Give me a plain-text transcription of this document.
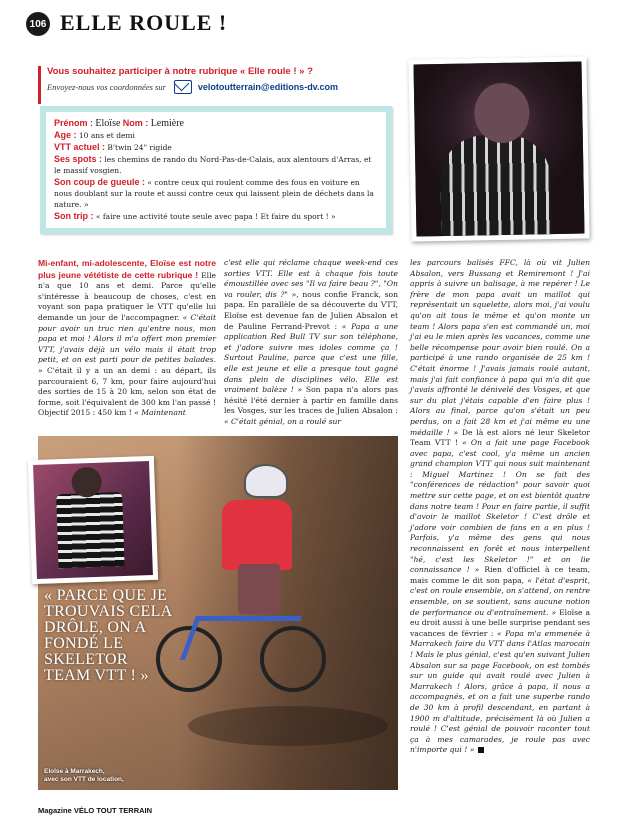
106 ELLE ROULE !
Vous souhaitez participer à notre rubrique « Elle roule ! » ?
Envoyez-nous vos coordonnées sur	velotoutterrain@editions-dv.com
Prénom : Eloïse Nom : Lemière
Age : 10 ans et demi
VTT actuel : B'twin 24" rigide
Ses spots : les chemins de rando du Nord-Pas-de-Calais, aux alentours d'Arras, et le massif vosgien.
Son coup de gueule : « contre ceux qui roulent comme des fous en voiture en nous doublant sur la route et aussi contre ceux qui laissent plein de déchets dans la nature. »
Son trip : « faire une activité toute seule avec papa ! Et faire du sport ! »
Mi-enfant, mi-adolescente, Eloïse est notre plus jeune vététiste de cette rubrique ! Elle n'a que 10 ans et demi. Parce qu'elle s'intéresse à beaucoup de choses, c'est en voyant son papa pratiquer le VTT qu'elle lui demande un jour de l'accompagner. « C'était pour avoir un truc rien qu'entre nous, mon papa et moi ! Alors il m'a offert mon premier VTT, j'avais déjà un vélo mais il était trop petit, et on est parti pour de petites balades. » C'était il y a un an demi : au départ, ils parcouraient 6, 7 km, pour faire aujourd'hui des sorties de 15 à 20 km, selon son état de forme, soit l'équivalent de 300 km l'an passé ! Objectif 2015 : 450 km ! « Maintenant
c'est elle qui réclame chaque week-end ces sorties VTT. Elle est à chaque fois toute émoustillée avec ses "Il va faire beau ?", "On va rouler, dis ?" », nous confie Franck, son papa. En parallèle de sa découverte du VTT, Eloïse est devenue fan de Julien Absalon et de Pauline Ferrand-Prevot : « Papa a une application Red Bull TV sur son téléphone, et j'adore suivre mes idoles comme ça ! Surtout Pauline, parce que c'est une fille, elle est jeune et elle a presque tout gagné dans plein de disciplines vélo. Elle est vraiment balèze ! » Son papa n'a alors pas hésité l'été dernier à partir en famille dans les Vosges, sur les traces de Julien Absalon : « C'était génial, on a roulé sur
les parcours balisés FFC, là où vit Julien Absalon, vers Bussang et Remiremont ! J'ai appris à suivre un balisage, à me repérer ! Le frère de mon papa avait un maillot qui représentait un squelette, alors moi, j'ai voulu qu'on ait tous le même et qu'on monte un team ! Alors papa s'en est commandé un, moi j'ai eu le mien après les vacances, comme une belle récompense pour avoir bien roulé. On a participé à une rando organisée de 25 km ! C'était énorme ! J'avais jamais roulé autant, mais j'ai fait confiance à papa qui m'a dit que j'avais affronté le dénivelé des Vosges, et que sur du plat j'étais capable d'en faire plus ! Alors au final, parce qu'on s'était un peu perdus, on a fait 28 km et j'ai même eu une médaille ! » De là est alors né leur Skeletor Team VTT ! « On a fait une page Facebook avec papa, c'est cool, y'a même un ancien grand champion VTT qui nous suit maintenant : Miguel Martinez ! On se fait des "conférences de rédaction" pour savoir quoi mettre sur cette page, et on est bientôt quatre dans notre team ! Pour en faire partie, il suffit d'avoir le maillot Skeletor ! C'est drôle et j'adore voir combien de fans en a en plus ! Parfois, y'a même des gens qui nous reconnaissent en forêt et nous interpellent "hé, c'est les Skeletor !" et on lie connaissance ! » Rien d'officiel à ce team, mais comme le dit son papa, « l'état d'esprit, c'est on roule ensemble, on s'attend, on rentre ensemble, on se soutient, sans aucune notion de performance ou d'entraînement. » Eloïse a eu droit aussi à une belle surprise pendant ses vacances de février : « Papa m'a emmenée à Marrakech faire du VTT dans l'Atlas marocain ! Mais le plus génial, c'est qu'en suivant Julien Absalon sur sa page Facebook, on est tombés sur un guide qui avait roulé avec Julien à Marrakech ! Alors, grâce à papa, il nous a accompagnés, et on a fait une superbe rando de 30 km à profil descendant, en partant à 1900 m d'altitude, précisément là où Julien a roulé ! C'est génial de pouvoir raconter tout ça à mes camarades, je roule pas avec n'importe qui ! »
« PARCE QUE JE TROUVAIS CELA DRÔLE, ON A FONDÉ LE SKELETOR TEAM VTT ! »
Eloïse à Marrakech,
avec son VTT de location,
Magazine VÉLO TOUT TERRAIN
